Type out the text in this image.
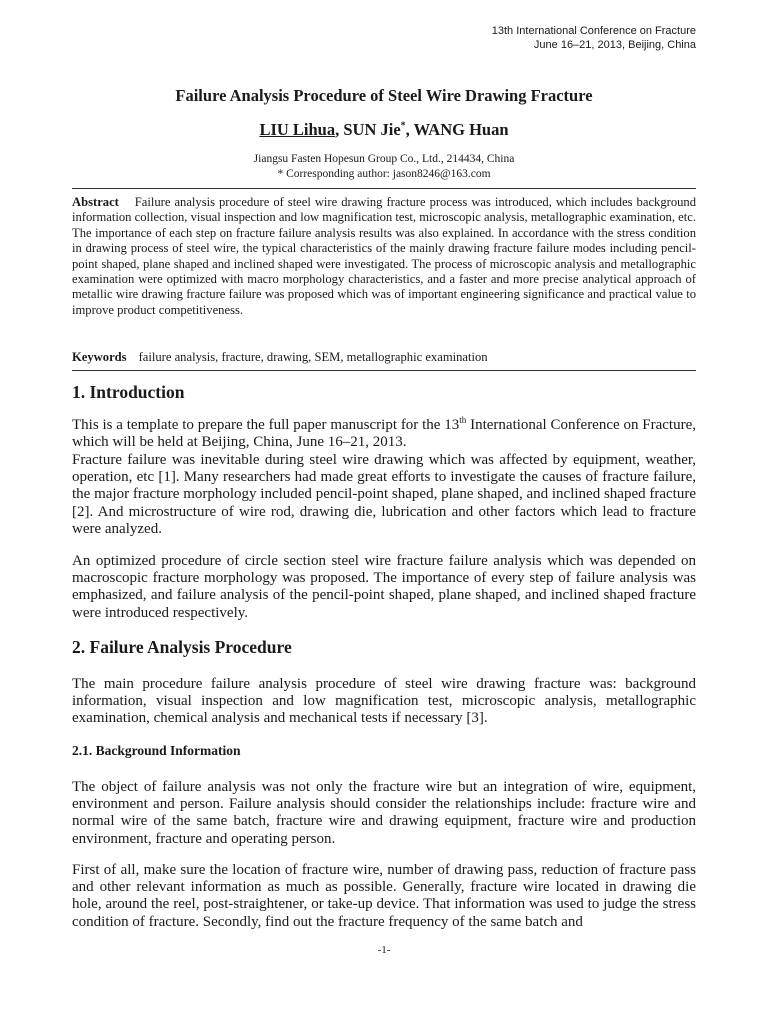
13th International Conference on Fracture
June 16–21, 2013, Beijing, China
Failure Analysis Procedure of Steel Wire Drawing Fracture
LIU Lihua, SUN Jie*, WANG Huan
Jiangsu Fasten Hopesun Group Co., Ltd., 214434, China
* Corresponding author: jason8246@163.com
Abstract Failure analysis procedure of steel wire drawing fracture process was introduced, which includes background information collection, visual inspection and low magnification test, microscopic analysis, metallographic examination, etc. The importance of each step on fracture failure analysis results was also explained. In accordance with the stress condition in drawing process of steel wire, the typical characteristics of the mainly drawing fracture failure modes including pencil-point shaped, plane shaped and inclined shaped were investigated. The process of microscopic analysis and metallographic examination were optimized with macro morphology characteristics, and a faster and more precise analytical approach of metallic wire drawing fracture failure was proposed which was of important engineering significance and practical value to improve product competitiveness.
Keywords failure analysis, fracture, drawing, SEM, metallographic examination
1. Introduction
This is a template to prepare the full paper manuscript for the 13th International Conference on Fracture, which will be held at Beijing, China, June 16–21, 2013.
Fracture failure was inevitable during steel wire drawing which was affected by equipment, weather, operation, etc [1]. Many researchers had made great efforts to investigate the causes of fracture failure, the major fracture morphology included pencil-point shaped, plane shaped, and inclined shaped fracture [2]. And microstructure of wire rod, drawing die, lubrication and other factors which lead to fracture were analyzed.
An optimized procedure of circle section steel wire fracture failure analysis which was depended on macroscopic fracture morphology was proposed. The importance of every step of failure analysis was emphasized, and failure analysis of the pencil-point shaped, plane shaped, and inclined shaped fracture were introduced respectively.
2. Failure Analysis Procedure
The main procedure failure analysis procedure of steel wire drawing fracture was: background information, visual inspection and low magnification test, microscopic analysis, metallographic examination, chemical analysis and mechanical tests if necessary [3].
2.1. Background Information
The object of failure analysis was not only the fracture wire but an integration of wire, equipment, environment and person. Failure analysis should consider the relationships include: fracture wire and normal wire of the same batch, fracture wire and drawing equipment, fracture wire and production environment, fracture and operating person.
First of all, make sure the location of fracture wire, number of drawing pass, reduction of fracture pass and other relevant information as much as possible. Generally, fracture wire located in drawing die hole, around the reel, post-straightener, or take-up device. That information was used to judge the stress condition of fracture. Secondly, find out the fracture frequency of the same batch and
-1-
